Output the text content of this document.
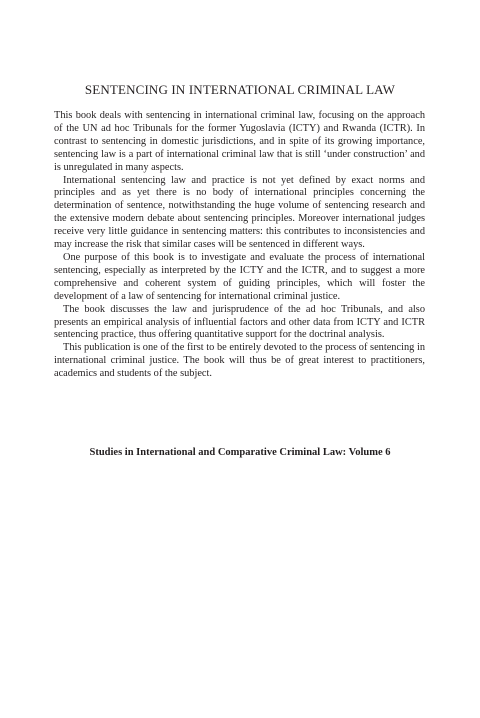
SENTENCING IN INTERNATIONAL CRIMINAL LAW

This book deals with sentencing in international criminal law, focusing on the approach of the UN ad hoc Tribunals for the former Yugoslavia (ICTY) and Rwanda (ICTR). In contrast to sentencing in domestic jurisdictions, and in spite of its growing importance, sentencing law is a part of international criminal law that is still ‘under construction’ and is unregulated in many aspects.

International sentencing law and practice is not yet defined by exact norms and principles and as yet there is no body of international principles concerning the determination of sentence, notwithstanding the huge volume of sentencing research and the extensive modern debate about sentencing principles. Moreover international judges receive very little guidance in sentencing matters: this contributes to inconsistencies and may increase the risk that similar cases will be sentenced in different ways.

One purpose of this book is to investigate and evaluate the process of international sentencing, especially as interpreted by the ICTY and the ICTR, and to suggest a more comprehensive and coherent system of guiding principles, which will foster the development of a law of sentencing for international criminal justice.

The book discusses the law and jurisprudence of the ad hoc Tribunals, and also presents an empirical analysis of influential factors and other data from ICTY and ICTR sentencing practice, thus offering quantitative support for the doctrinal analysis.

This publication is one of the first to be entirely devoted to the process of sentencing in international criminal justice. The book will thus be of great interest to practitioners, academics and students of the subject.

Studies in International and Comparative Criminal Law: Volume 6
